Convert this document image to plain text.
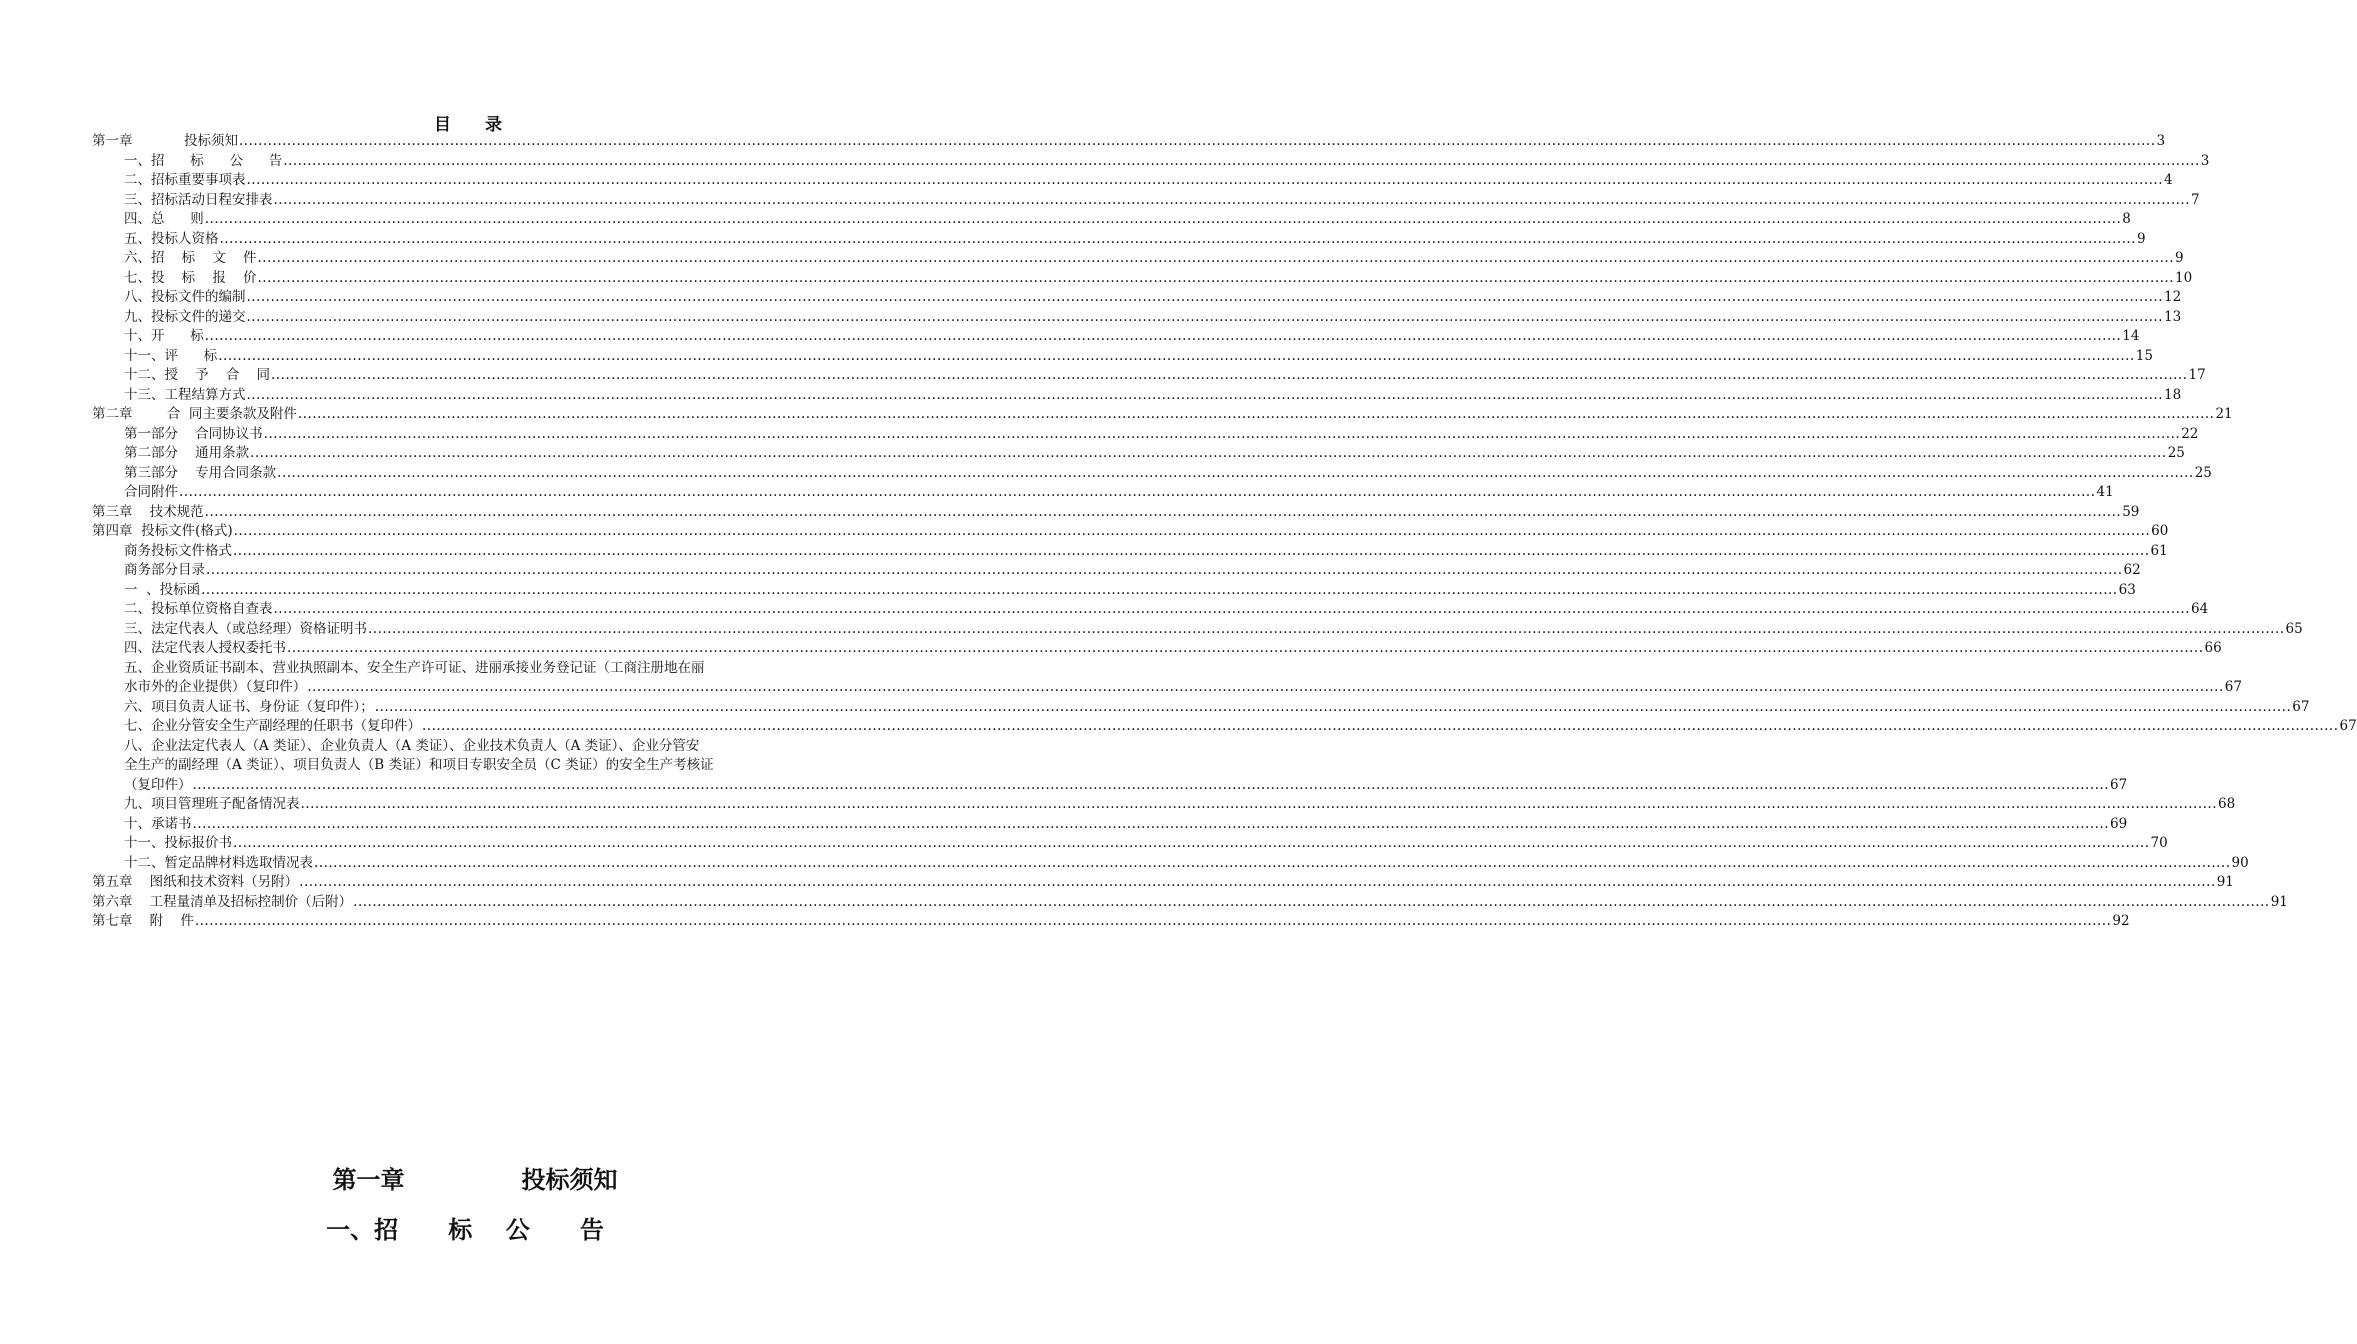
目 录
第一章            投标须知 ................................................................................................................................................................................................................................................................................................................................................................................................................ 3
一、招      标      公      告 ................................................................................................................................................................................................................................................................................................................................................................................................................ 3
二、招标重要事项表 ................................................................................................................................................................................................................................................................................................................................................................................................................ 4
三、招标活动日程安排表 ................................................................................................................................................................................................................................................................................................................................................................................................................ 7
四、总      则 ................................................................................................................................................................................................................................................................................................................................................................................................................ 8
五、投标人资格 ................................................................................................................................................................................................................................................................................................................................................................................................................ 9
六、招    标    文    件 ................................................................................................................................................................................................................................................................................................................................................................................................................ 9
七、投    标    报    价 ................................................................................................................................................................................................................................................................................................................................................................................................................ 10
八、投标文件的编制 ................................................................................................................................................................................................................................................................................................................................................................................................................ 12
九、投标文件的递交 ................................................................................................................................................................................................................................................................................................................................................................................................................ 13
十、开      标 ................................................................................................................................................................................................................................................................................................................................................................................................................ 14
十一、评      标 ................................................................................................................................................................................................................................................................................................................................................................................................................ 15
十二、授    予    合    同 ................................................................................................................................................................................................................................................................................................................................................................................................................ 17
十三、工程结算方式 ................................................................................................................................................................................................................................................................................................................................................................................................................ 18
第二章        合  同主要条款及附件 ................................................................................................................................................................................................................................................................................................................................................................................................................ 21
第一部分    合同协议书 ................................................................................................................................................................................................................................................................................................................................................................................................................ 22
第二部分    通用条款 ................................................................................................................................................................................................................................................................................................................................................................................................................ 25
第三部分    专用合同条款 ................................................................................................................................................................................................................................................................................................................................................................................................................ 25
合同附件 ................................................................................................................................................................................................................................................................................................................................................................................................................ 41
第三章    技术规范 ................................................................................................................................................................................................................................................................................................................................................................................................................ 59
第四章  投标文件(格式) ................................................................................................................................................................................................................................................................................................................................................................................................................ 60
商务投标文件格式 ................................................................................................................................................................................................................................................................................................................................................................................................................ 61
商务部分目录 ................................................................................................................................................................................................................................................................................................................................................................................................................ 62
一  、投标函 ................................................................................................................................................................................................................................................................................................................................................................................................................ 63
二、投标单位资格自查表 ................................................................................................................................................................................................................................................................................................................................................................................................................ 64
三、法定代表人（或总经理）资格证明书 ................................................................................................................................................................................................................................................................................................................................................................................................................ 65
四、法定代表人授权委托书 ................................................................................................................................................................................................................................................................................................................................................................................................................ 66
五、企业资质证书副本、营业执照副本、安全生产许可证、进丽承接业务登记证（工商注册地在丽
水市外的企业提供）（复印件） ................................................................................................................................................................................................................................................................................................................................................................................................................ 67
六、项目负责人证书、身份证（复印件）； ................................................................................................................................................................................................................................................................................................................................................................................................................ 67
七、企业分管安全生产副经理的任职书（复印件） ................................................................................................................................................................................................................................................................................................................................................................................................................ 67
八、企业法定代表人（A 类证）、企业负责人（A 类证）、企业技术负责人（A 类证）、企业分管安
全生产的副经理（A 类证）、项目负责人（B 类证）和项目专职安全员（C 类证）的安全生产考核证
（复印件） ................................................................................................................................................................................................................................................................................................................................................................................................................ 67
九、项目管理班子配备情况表 ................................................................................................................................................................................................................................................................................................................................................................................................................ 68
十、承诺书 ................................................................................................................................................................................................................................................................................................................................................................................................................ 69
十一、投标报价书 ................................................................................................................................................................................................................................................................................................................................................................................................................ 70
十二、暂定品牌材料选取情况表 ................................................................................................................................................................................................................................................................................................................................................................................................................ 90
第五章    图纸和技术资料（另附） ................................................................................................................................................................................................................................................................................................................................................................................................................ 91
第六章    工程量清单及招标控制价（后附） ................................................................................................................................................................................................................................................................................................................................................................................................................ 91
第七章    附    件 ................................................................................................................................................................................................................................................................................................................................................................................................................ 92
第一章              投标须知
一、招      标    公      告
